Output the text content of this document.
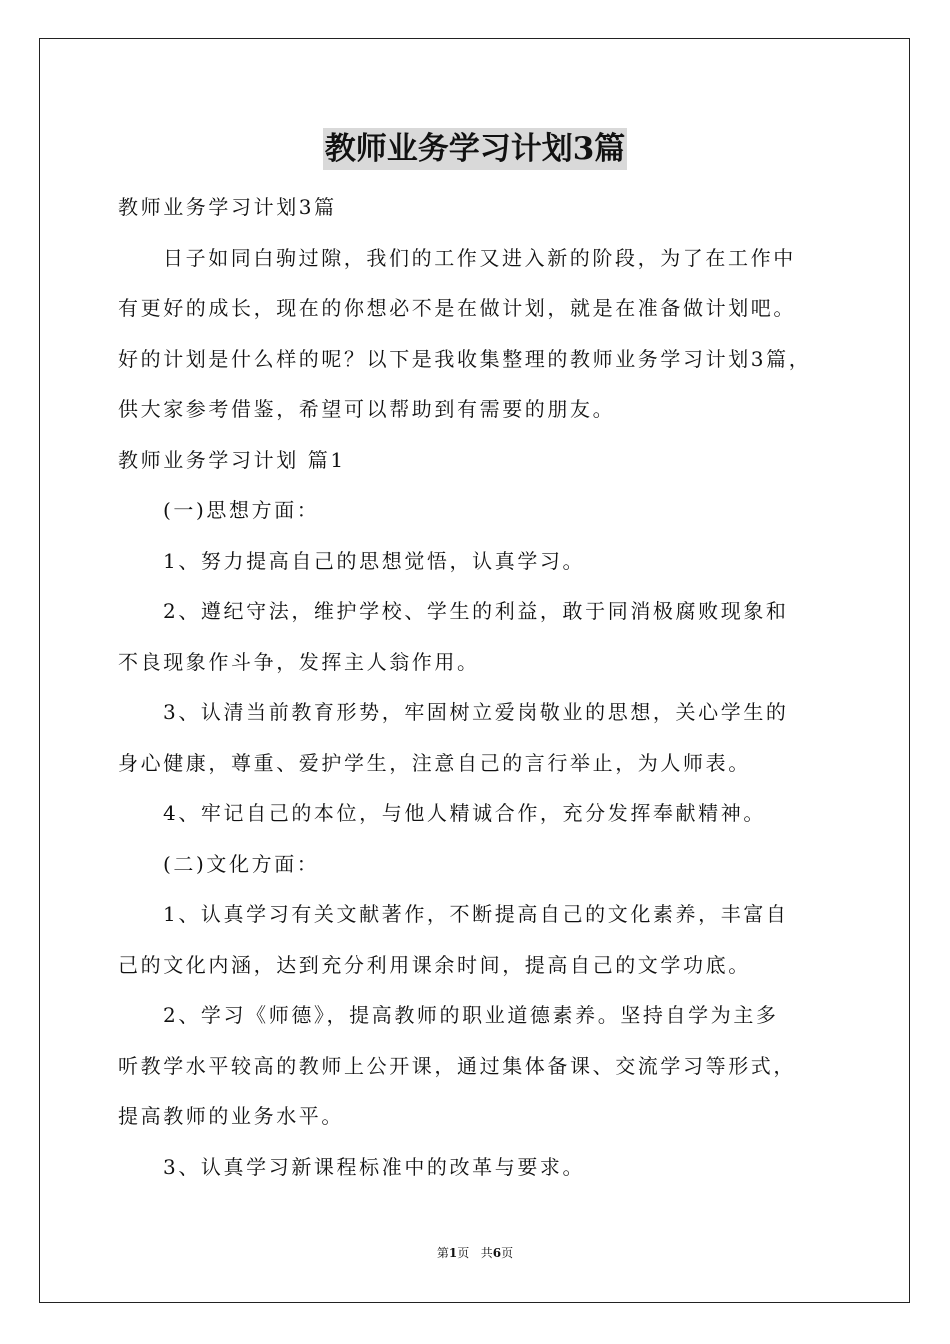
教师业务学习计划3篇

教师业务学习计划3篇

日子如同白驹过隙，我们的工作又进入新的阶段，为了在工作中

有更好的成长，现在的你想必不是在做计划，就是在准备做计划吧。

好的计划是什么样的呢？以下是我收集整理的教师业务学习计划3篇，

供大家参考借鉴，希望可以帮助到有需要的朋友。

教师业务学习计划 篇1

(一)思想方面：

1、努力提高自己的思想觉悟，认真学习。

2、遵纪守法，维护学校、学生的利益，敢于同消极腐败现象和

不良现象作斗争，发挥主人翁作用。

3、认清当前教育形势，牢固树立爱岗敬业的思想，关心学生的

身心健康，尊重、爱护学生，注意自己的言行举止，为人师表。

4、牢记自己的本位，与他人精诚合作，充分发挥奉献精神。

(二)文化方面：

1、认真学习有关文献著作，不断提高自己的文化素养，丰富自

己的文化内涵，达到充分利用课余时间，提高自己的文学功底。

2、学习《师德》，提高教师的职业道德素养。坚持自学为主多

听教学水平较高的教师上公开课，通过集体备课、交流学习等形式，

提高教师的业务水平。

3、认真学习新课程标准中的改革与要求。

第1页 共6页
